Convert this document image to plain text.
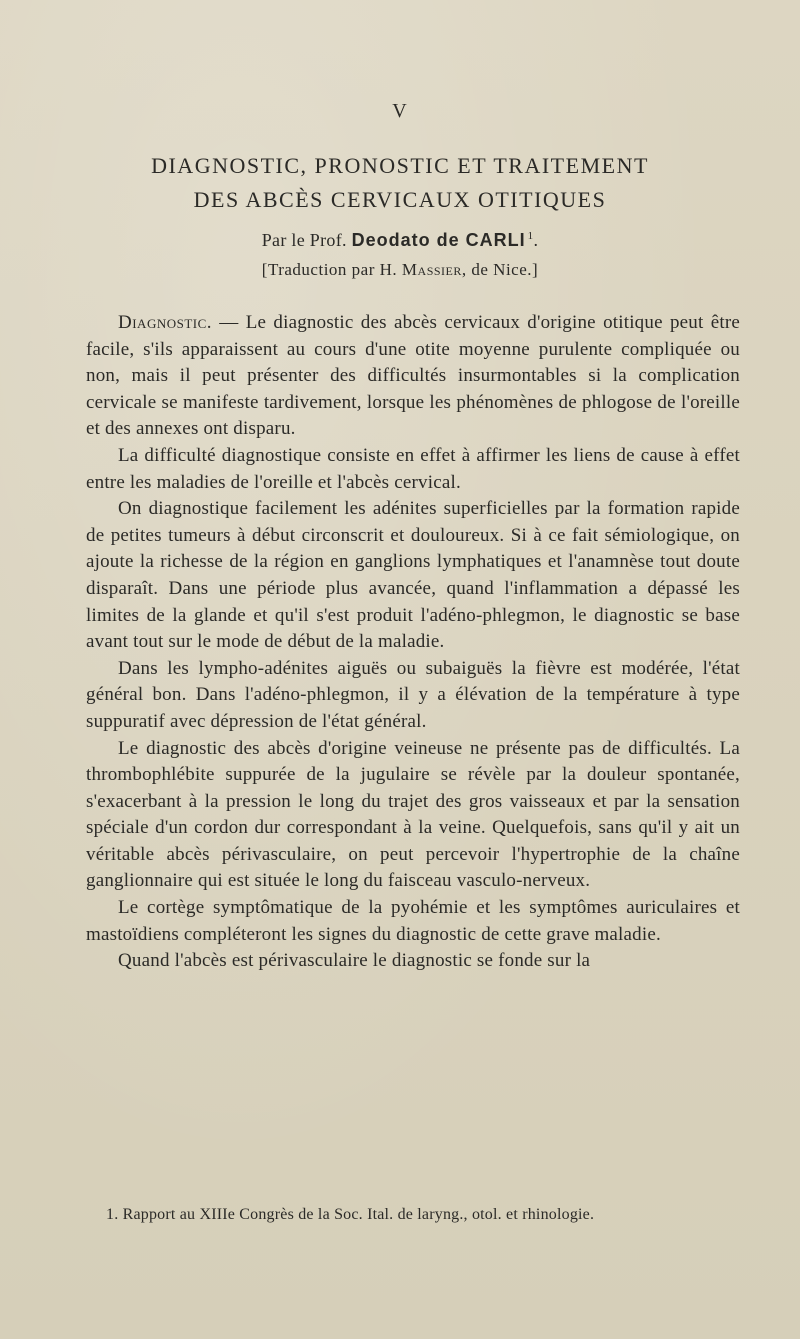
V
DIAGNOSTIC, PRONOSTIC ET TRAITEMENT
DES ABCÈS CERVICAUX OTITIQUES
Par le Prof. Deodato de CARLI $^1$.
[Traduction par H. Massier, de Nice.]

Diagnostic. — Le diagnostic des abcès cervicaux d'origine otitique peut être facile, s'ils apparaissent au cours d'une otite moyenne purulente compliquée ou non, mais il peut présenter des difficultés insurmontables si la complication cervicale se manifeste tardivement, lorsque les phénomènes de phlogose de l'oreille et des annexes ont disparu.

La difficulté diagnostique consiste en effet à affirmer les liens de cause à effet entre les maladies de l'oreille et l'abcès cervical.

On diagnostique facilement les adénites superficielles par la formation rapide de petites tumeurs à début circonscrit et douloureux. Si à ce fait sémiologique, on ajoute la richesse de la région en ganglions lymphatiques et l'anamnèse tout doute disparaît. Dans une période plus avancée, quand l'inflammation a dépassé les limites de la glande et qu'il s'est produit l'adéno-phlegmon, le diagnostic se base avant tout sur le mode de début de la maladie.

Dans les lympho-adénites aiguës ou subaiguës la fièvre est modérée, l'état général bon. Dans l'adéno-phlegmon, il y a élévation de la température à type suppuratif avec dépression de l'état général.

Le diagnostic des abcès d'origine veineuse ne présente pas de difficultés. La thrombophlébite suppurée de la jugulaire se révèle par la douleur spontanée, s'exacerbant à la pression le long du trajet des gros vaisseaux et par la sensation spéciale d'un cordon dur correspondant à la veine. Quelquefois, sans qu'il y ait un véritable abcès périvasculaire, on peut percevoir l'hypertrophie de la chaîne ganglionnaire qui est située le long du faisceau vasculo-nerveux.

Le cortège symptômatique de la pyohémie et les symptômes auriculaires et mastoïdiens compléteront les signes du diagnostic de cette grave maladie.

Quand l'abcès est périvasculaire le diagnostic se fonde sur la

1. Rapport au XIIIe Congrès de la Soc. Ital. de laryng., otol. et rhinologie.
